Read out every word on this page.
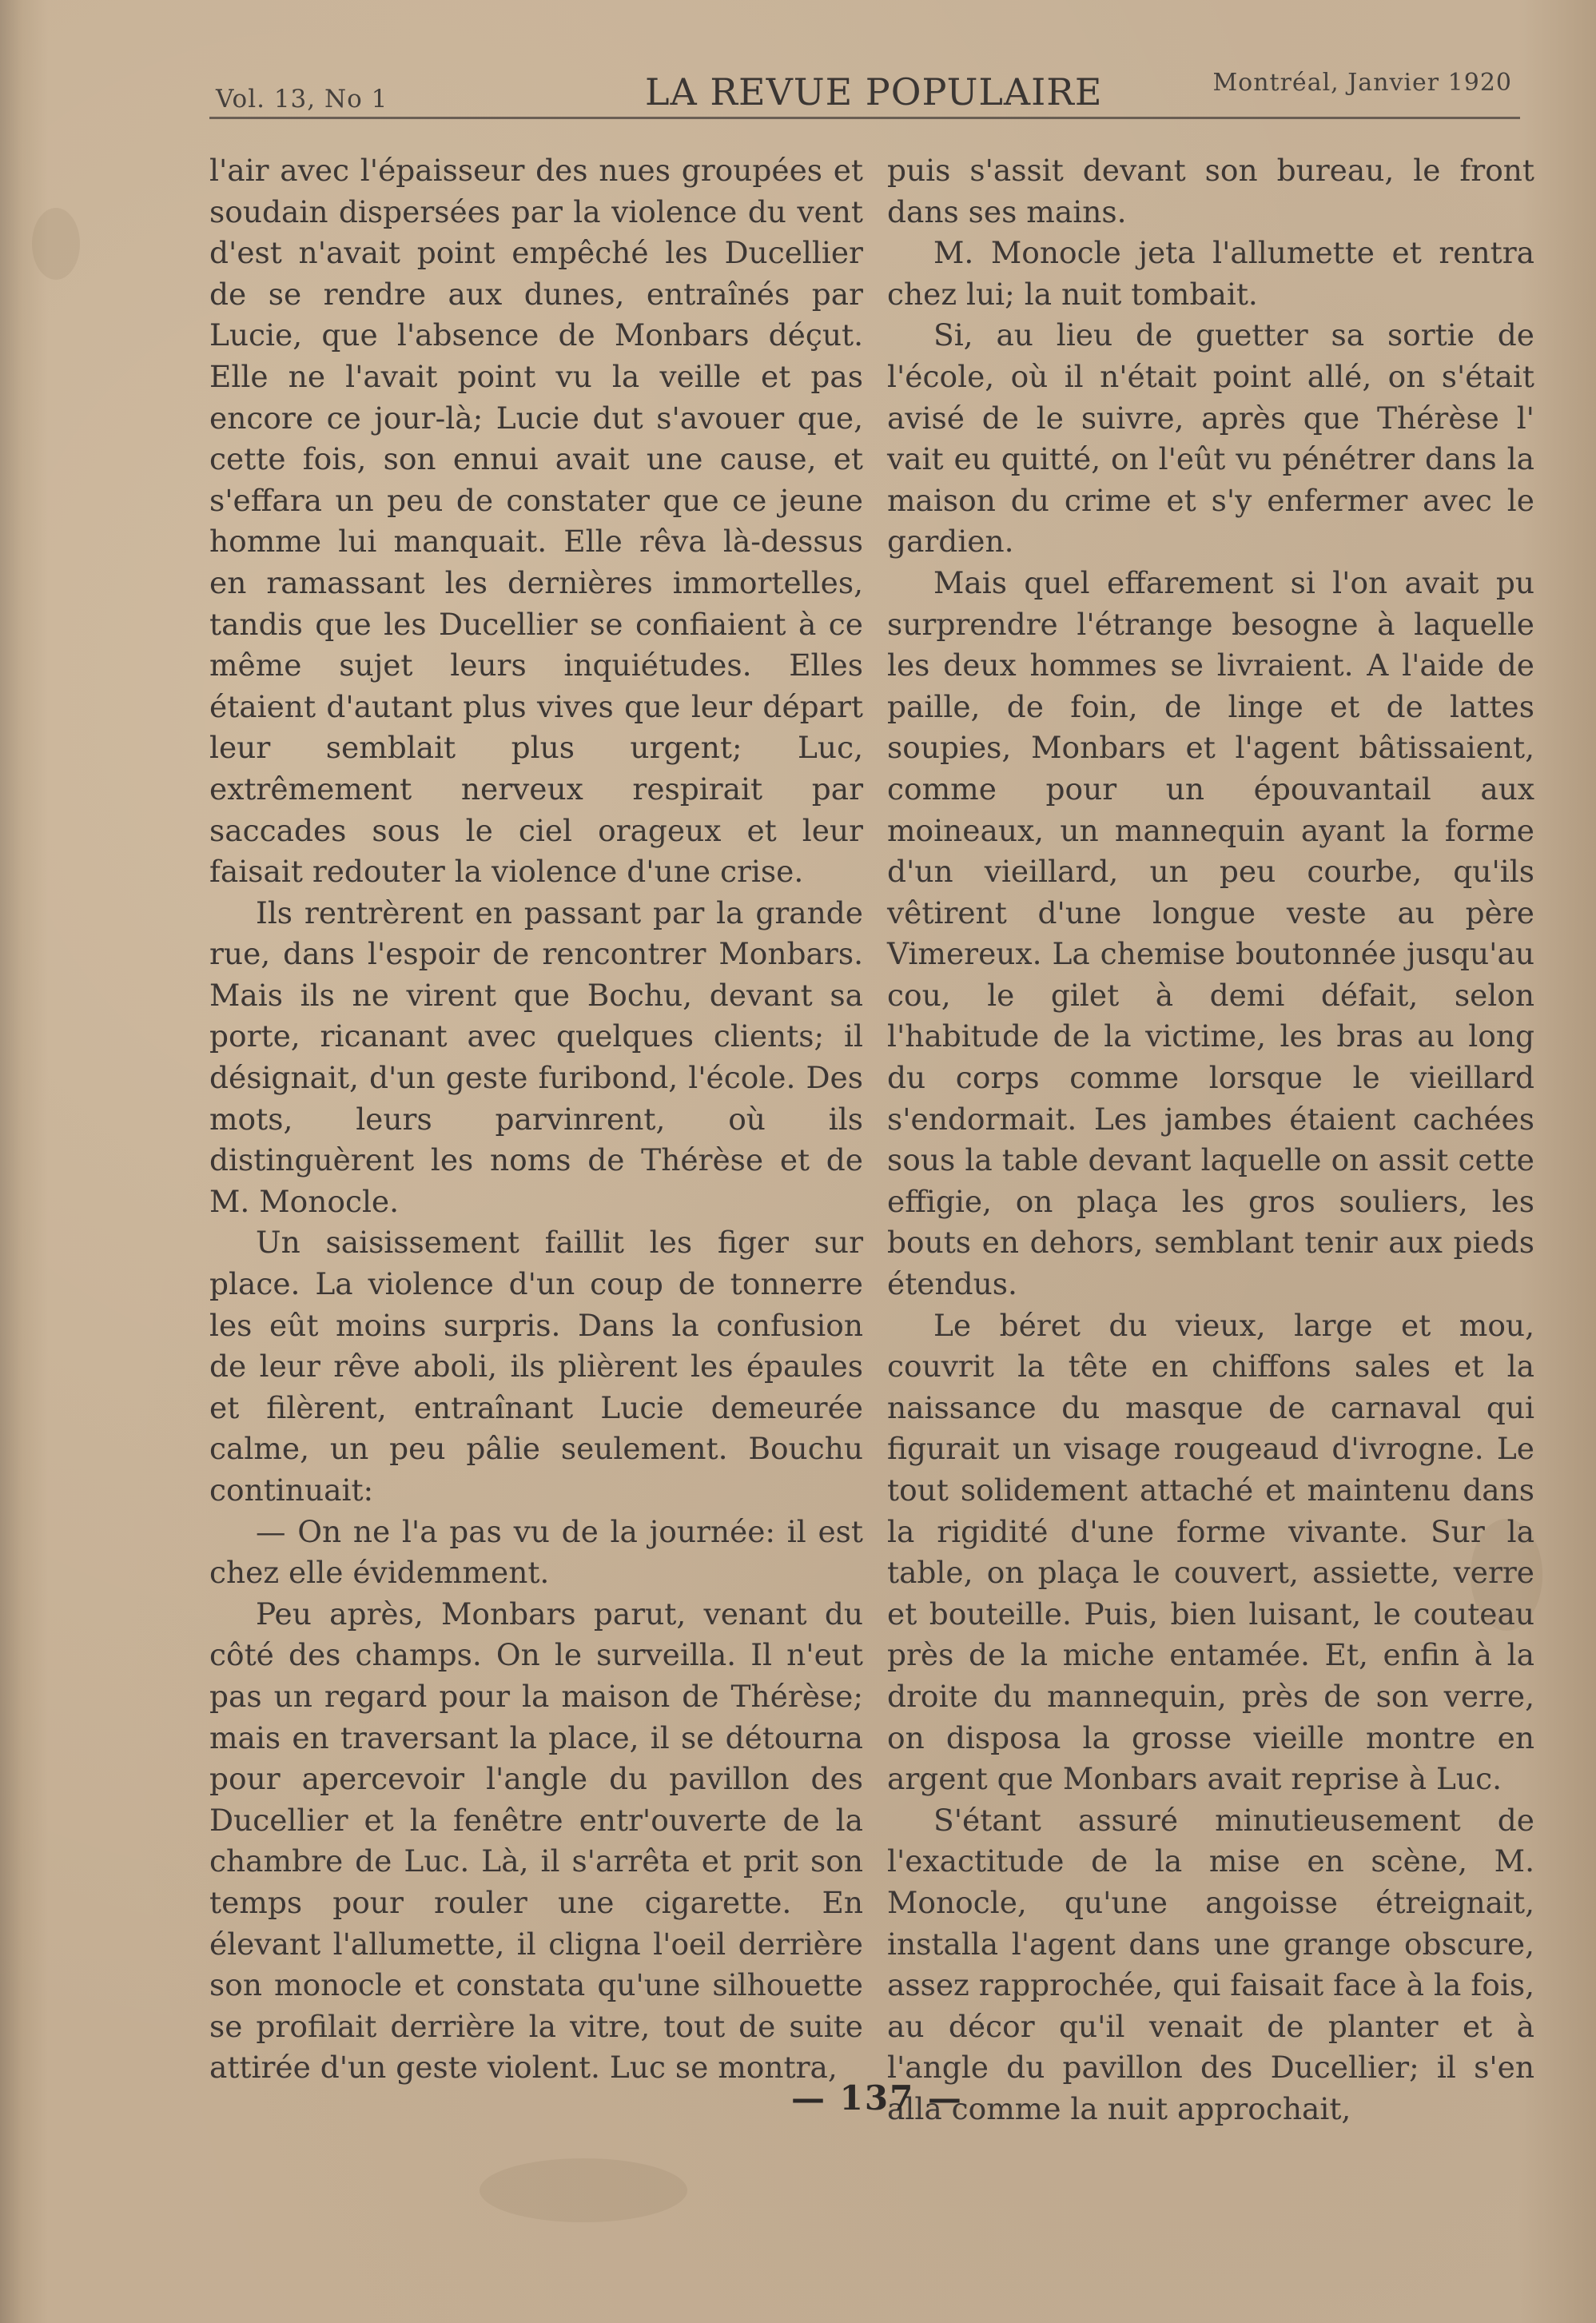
Vol. 13, No 1	LA REVUE POPULAIRE	Montréal, Janvier 1920

l'air avec l'épaisseur des nues groupées et soudain dispersées par la violence du vent d'est n'avait point empêché les Ducellier de se rendre aux dunes, entraînés par Lucie, que l'absence de Monbars déçut. Elle ne l'avait point vu la veille et pas encore ce jour-là; Lucie dut s'avouer que, cette fois, son ennui avait une cause, et s'effara un peu de constater que ce jeune homme lui manquait. Elle rêva là-dessus en ramassant les dernières immortelles, tandis que les Ducellier se confiaient à ce même sujet leurs inquiétudes. Elles étaient d'autant plus vives que leur départ leur semblait plus urgent; Luc, extrêmement nerveux respirait par saccades sous le ciel orageux et leur faisait redouter la violence d'une crise.

Ils rentrèrent en passant par la grande rue, dans l'espoir de rencontrer Monbars. Mais ils ne virent que Bochu, devant sa porte, ricanant avec quelques clients; il désignait, d'un geste furibond, l'école. Des mots, leurs parvinrent, où ils distinguèrent les noms de Thérèse et de M. Monocle.

Un saisissement faillit les figer sur place. La violence d'un coup de tonnerre les eût moins surpris. Dans la confusion de leur rêve aboli, ils plièrent les épaules et filèrent, entraînant Lucie demeurée calme, un peu pâlie seulement. Bouchu continuait:

— On ne l'a pas vu de la journée: il est chez elle évidemment.

Peu après, Monbars parut, venant du côté des champs. On le surveilla. Il n'eut pas un regard pour la maison de Thérèse; mais en traversant la place, il se détourna pour apercevoir l'angle du pavillon des Ducellier et la fenêtre entr'ouverte de la chambre de Luc. Là, il s'arrêta et prit son temps pour rouler une cigarette. En élevant l'allumette, il cligna l'oeil derrière son monocle et constata qu'une silhouette se profilait derrière la vitre, tout de suite attirée d'un geste violent. Luc se montra,

puis s'assit devant son bureau, le front dans ses mains.

M. Monocle jeta l'allumette et rentra chez lui; la nuit tombait.

Si, au lieu de guetter sa sortie de l'école, où il n'était point allé, on s'était avisé de le suivre, après que Thérèse l' vait eu quitté, on l'eût vu pénétrer dans la maison du crime et s'y enfermer avec le gardien.

Mais quel effarement si l'on avait pu surprendre l'étrange besogne à laquelle les deux hommes se livraient. A l'aide de paille, de foin, de linge et de lattes soupies, Monbars et l'agent bâtissaient, comme pour un épouvantail aux moineaux, un mannequin ayant la forme d'un vieillard, un peu courbe, qu'ils vêtirent d'une longue veste au père Vimereux. La chemise boutonnée jusqu'au cou, le gilet à demi défait, selon l'habitude de la victime, les bras au long du corps comme lorsque le vieillard s'endormait. Les jambes étaient cachées sous la table devant laquelle on assit cette effigie, on plaça les gros souliers, les bouts en dehors, semblant tenir aux pieds étendus.

Le béret du vieux, large et mou, couvrit la tête en chiffons sales et la naissance du masque de carnaval qui figurait un visage rougeaud d'ivrogne. Le tout solidement attaché et maintenu dans la rigidité d'une forme vivante. Sur la table, on plaça le couvert, assiette, verre et bouteille. Puis, bien luisant, le couteau près de la miche entamée. Et, enfin à la droite du mannequin, près de son verre, on disposa la grosse vieille montre en argent que Monbars avait reprise à Luc.

S'étant assuré minutieusement de l'exactitude de la mise en scène, M. Monocle, qu'une angoisse étreignait, installa l'agent dans une grange obscure, assez rapprochée, qui faisait face à la fois, au décor qu'il venait de planter et à l'angle du pavillon des Ducellier; il s'en alla comme la nuit approchait,

— 137 —
